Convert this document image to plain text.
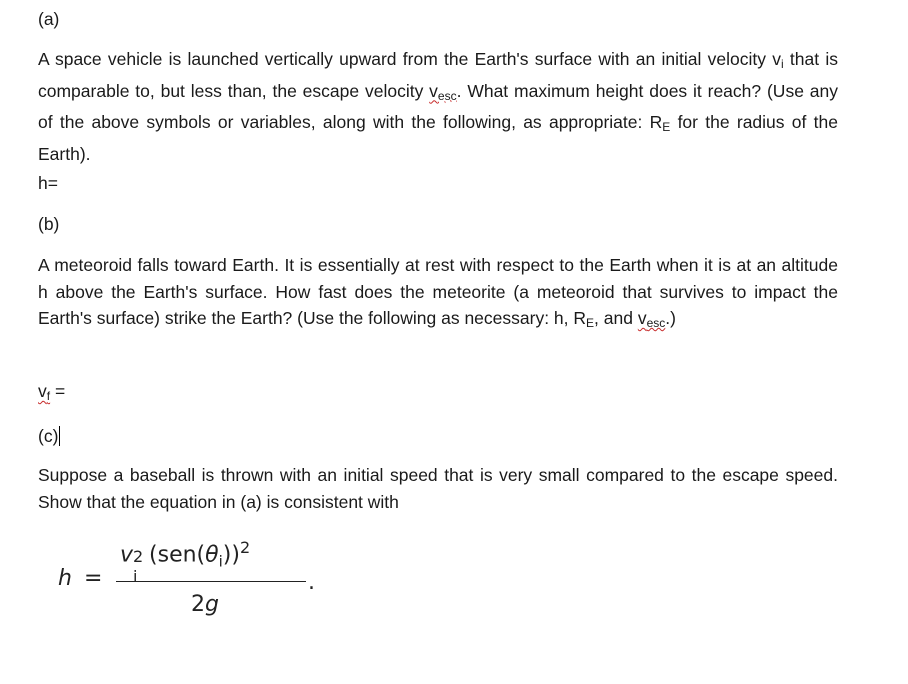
(a)
A space vehicle is launched vertically upward from the Earth's surface with an initial velocity $v_i$ that is comparable to, but less than, the escape velocity $v_{esc}$. What maximum height does it reach? (Use any of the above symbols or variables, along with the following, as appropriate: $R_E$ for the radius of the Earth).
h=
(b)
A meteoroid falls toward Earth. It is essentially at rest with respect to the Earth when it is at an altitude h above the Earth's surface. How fast does the meteorite (a meteoroid that survives to impact the Earth's surface) strike the Earth? (Use the following as necessary: h, $R_E$, and $v_{esc}$.)
$v_f$ =
(c)
Suppose a baseball is thrown with an initial speed that is very small compared to the escape speed. Show that the equation in (a) is consistent with
h =
v 2
i
$(sen(\theta_i))^2$
.
2g
